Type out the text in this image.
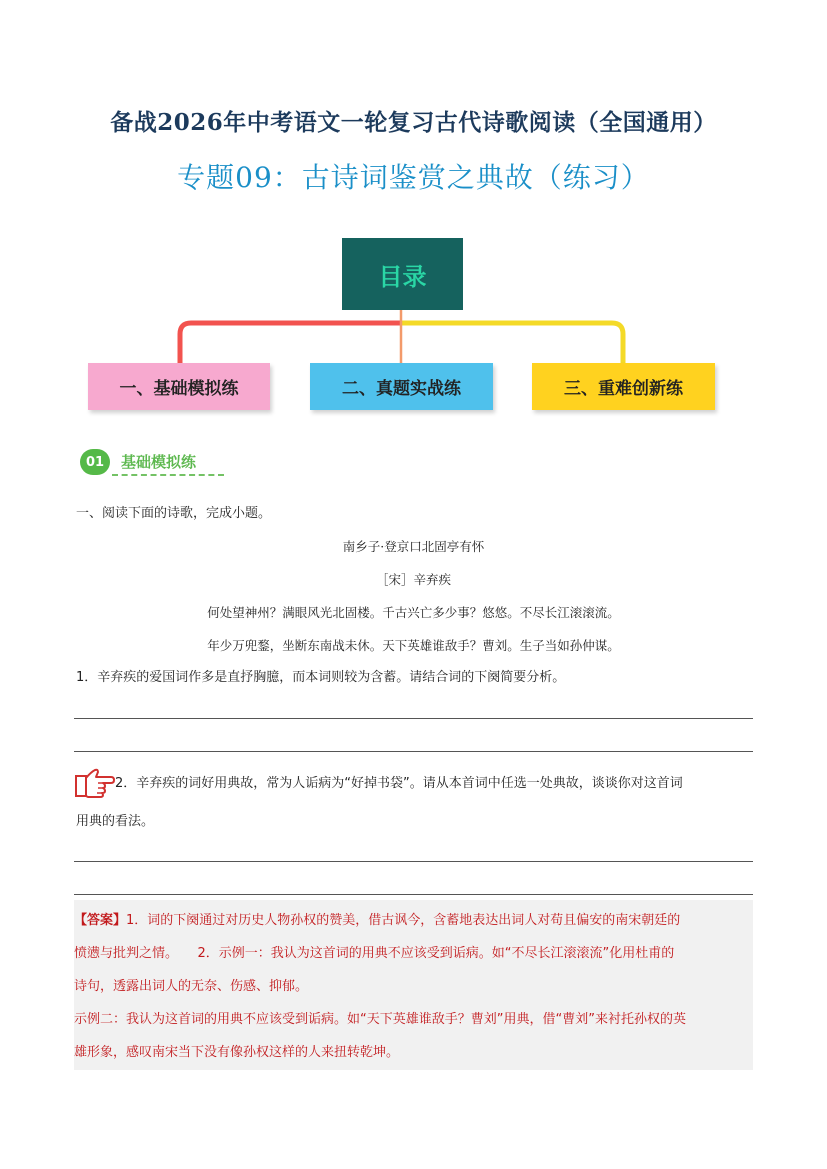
备战2026年中考语文一轮复习古代诗歌阅读（全国通用）
专题09：古诗词鉴赏之典故（练习）
目录
一、基础模拟练	二、真题实战练	三、重难创新练
01	基础模拟练
一、阅读下面的诗歌，完成小题。
南乡子·登京口北固亭有怀
［宋］辛弃疾
何处望神州？满眼风光北固楼。千古兴亡多少事？悠悠。不尽长江滚滚流。
年少万兜鍪，坐断东南战未休。天下英雄谁敌手？曹刘。生子当如孙仲谋。
1．辛弃疾的爱国词作多是直抒胸臆，而本词则较为含蓄。请结合词的下阕简要分析。
2．辛弃疾的词好用典故，常为人诟病为“好掉书袋”。请从本首词中任选一处典故，谈谈你对这首词
用典的看法。
【答案】1．词的下阕通过对历史人物孙权的赞美，借古讽今，含蓄地表达出词人对苟且偏安的南宋朝廷的
愤懑与批判之情。　　2．示例一：我认为这首词的用典不应该受到诟病。如“不尽长江滚滚流”化用杜甫的
诗句，透露出词人的无奈、伤感、抑郁。
示例二：我认为这首词的用典不应该受到诟病。如“天下英雄谁敌手？曹刘”用典，借“曹刘”来衬托孙权的英
雄形象，感叹南宋当下没有像孙权这样的人来扭转乾坤。
